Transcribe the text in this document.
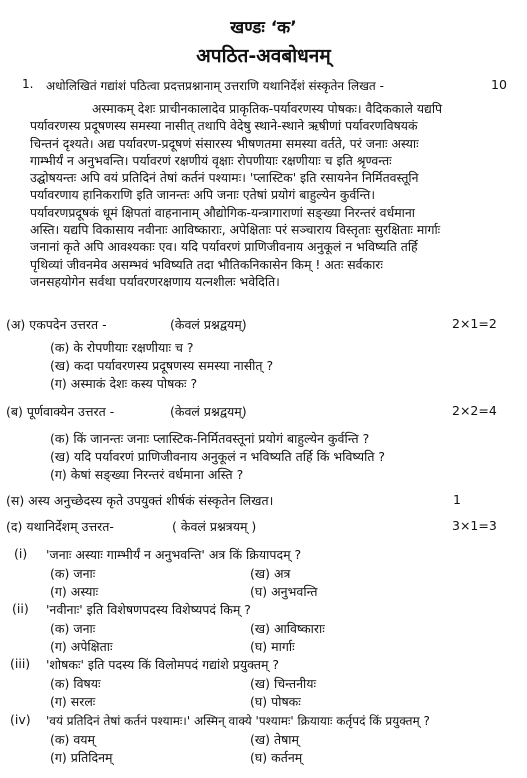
खण्डः ‘क’
अपठित-अवबोधनम्
1. अधोलिखितं गद्यांशं पठित्वा प्रदत्तप्रश्नानाम् उत्तराणि यथानिर्देशं संस्कृतेन लिखत -	10
अस्माकम् देशः प्राचीनकालादेव प्राकृतिक-पर्यावरणस्य पोषकः। वैदिककाले यद्यपि
पर्यावरणस्य प्रदूषणस्य समस्या नासीत् तथापि वेदेषु स्थाने-स्थाने ऋषीणां पर्यावरणविषयकं
चिन्तनं दृश्यते। अद्य पर्यावरण-प्रदूषणं संसारस्य भीषणतमा समस्या वर्तते, परं जनाः अस्याः
गाम्भीर्यं न अनुभवन्ति। पर्यावरणं रक्षणीयं वृक्षाः रोपणीयाः रक्षणीयाः च इति श्रृण्वन्तः
उद्घोषयन्तः अपि वयं प्रतिदिनं तेषां कर्तनं पश्यामः। 'प्लास्टिक' इति रसायनेन निर्मितवस्तूनि
पर्यावरणाय हानिकराणि इति जानन्तः अपि जनाः एतेषां प्रयोगं बाहुल्येन कुर्वन्ति।
पर्यावरणप्रदूषकं धूमं क्षिपतां वाहनानाम् औद्योगिक-यन्त्रागाराणां सङ्ख्या निरन्तरं वर्धमाना
अस्ति। यद्यपि विकासाय नवीनाः आविष्काराः, अपेक्षिताः परं सञ्चाराय विस्तृताः सुरक्षिताः मार्गाः
जनानां कृते अपि आवश्यकाः एव। यदि पर्यावरणं प्राणिजीवनाय अनुकूलं न भविष्यति तर्हि
पृथिव्यां जीवनमेव असम्भवं भविष्यति तदा भौतिकनिकासेन किम् ! अतः सर्वकारः
जनसहयोगेन सर्वथा पर्यावरणरक्षणाय यत्नशीलः भवेदिति।
(अ) एकपदेन उत्तरत -	(केवलं प्रश्नद्वयम्)	2×1=2
(क) के रोपणीयाः रक्षणीयाः च ?
(ख) कदा पर्यावरणस्य प्रदूषणस्य समस्या नासीत् ?
(ग) अस्माकं देशः कस्य पोषकः ?
(ब) पूर्णवाक्येन उत्तरत -	(केवलं प्रश्नद्वयम्)	2×2=4
(क) किं जानन्तः जनाः प्लास्टिक-निर्मितवस्तूनां प्रयोगं बाहुल्येन कुर्वन्ति ?
(ख) यदि पर्यावरणं प्राणिजीवनाय अनुकूलं न भविष्यति तर्हि किं भविष्यति ?
(ग) केषां सङ्ख्या निरन्तरं वर्धमाना अस्ति ?
(स) अस्य अनुच्छेदस्य कृते उपयुक्तं शीर्षकं संस्कृतेन लिखत।	1
(द) यथानिर्देशम् उत्तरत-	( केवलं प्रश्नत्रयम् )	3×1=3
(i) 'जनाः अस्याः गाम्भीर्यं न अनुभवन्ति' अत्र किं क्रियापदम् ?
(क) जनाः	(ख) अत्र
(ग) अस्याः	(घ) अनुभवन्ति
(ii) 'नवीनाः' इति विशेषणपदस्य विशेष्यपदं किम् ?
(क) जनाः	(ख) आविष्काराः
(ग) अपेक्षिताः	(घ) मार्गाः
(iii) 'शोषकः' इति पदस्य किं विलोमपदं गद्यांशे प्रयुक्तम् ?
(क) विषयः	(ख) चिन्तनीयः
(ग) सरलः	(घ) पोषकः
(iv) 'वयं प्रतिदिनं तेषां कर्तनं पश्यामः।' अस्मिन् वाक्ये 'पश्यामः' क्रियायाः कर्तृपदं किं प्रयुक्तम् ?
(क) वयम्	(ख) तेषाम्
(ग) प्रतिदिनम्	(घ) कर्तनम्
